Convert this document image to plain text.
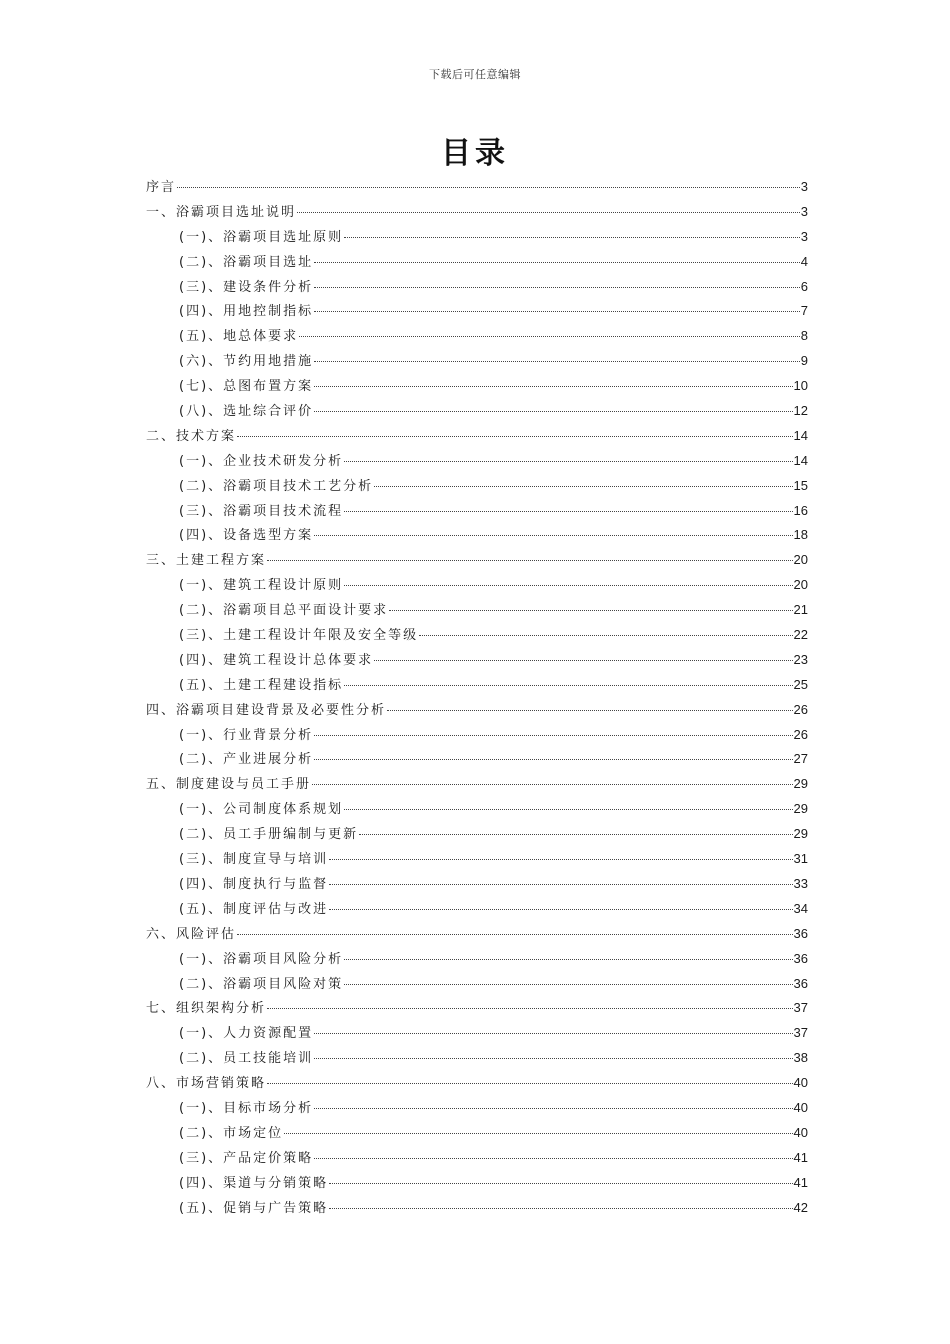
下载后可任意编辑
目录
序言	3
一、浴霸项目选址说明	3
(一)、浴霸项目选址原则	3
(二)、浴霸项目选址	4
(三)、建设条件分析	6
(四)、用地控制指标	7
(五)、地总体要求	8
(六)、节约用地措施	9
(七)、总图布置方案	10
(八)、选址综合评价	12
二、技术方案	14
(一)、企业技术研发分析	14
(二)、浴霸项目技术工艺分析	15
(三)、浴霸项目技术流程	16
(四)、设备选型方案	18
三、土建工程方案	20
(一)、建筑工程设计原则	20
(二)、浴霸项目总平面设计要求	21
(三)、土建工程设计年限及安全等级	22
(四)、建筑工程设计总体要求	23
(五)、土建工程建设指标	25
四、浴霸项目建设背景及必要性分析	26
(一)、行业背景分析	26
(二)、产业进展分析	27
五、制度建设与员工手册	29
(一)、公司制度体系规划	29
(二)、员工手册编制与更新	29
(三)、制度宣导与培训	31
(四)、制度执行与监督	33
(五)、制度评估与改进	34
六、风险评估	36
(一)、浴霸项目风险分析	36
(二)、浴霸项目风险对策	36
七、组织架构分析	37
(一)、人力资源配置	37
(二)、员工技能培训	38
八、市场营销策略	40
(一)、目标市场分析	40
(二)、市场定位	40
(三)、产品定价策略	41
(四)、渠道与分销策略	41
(五)、促销与广告策略	42
